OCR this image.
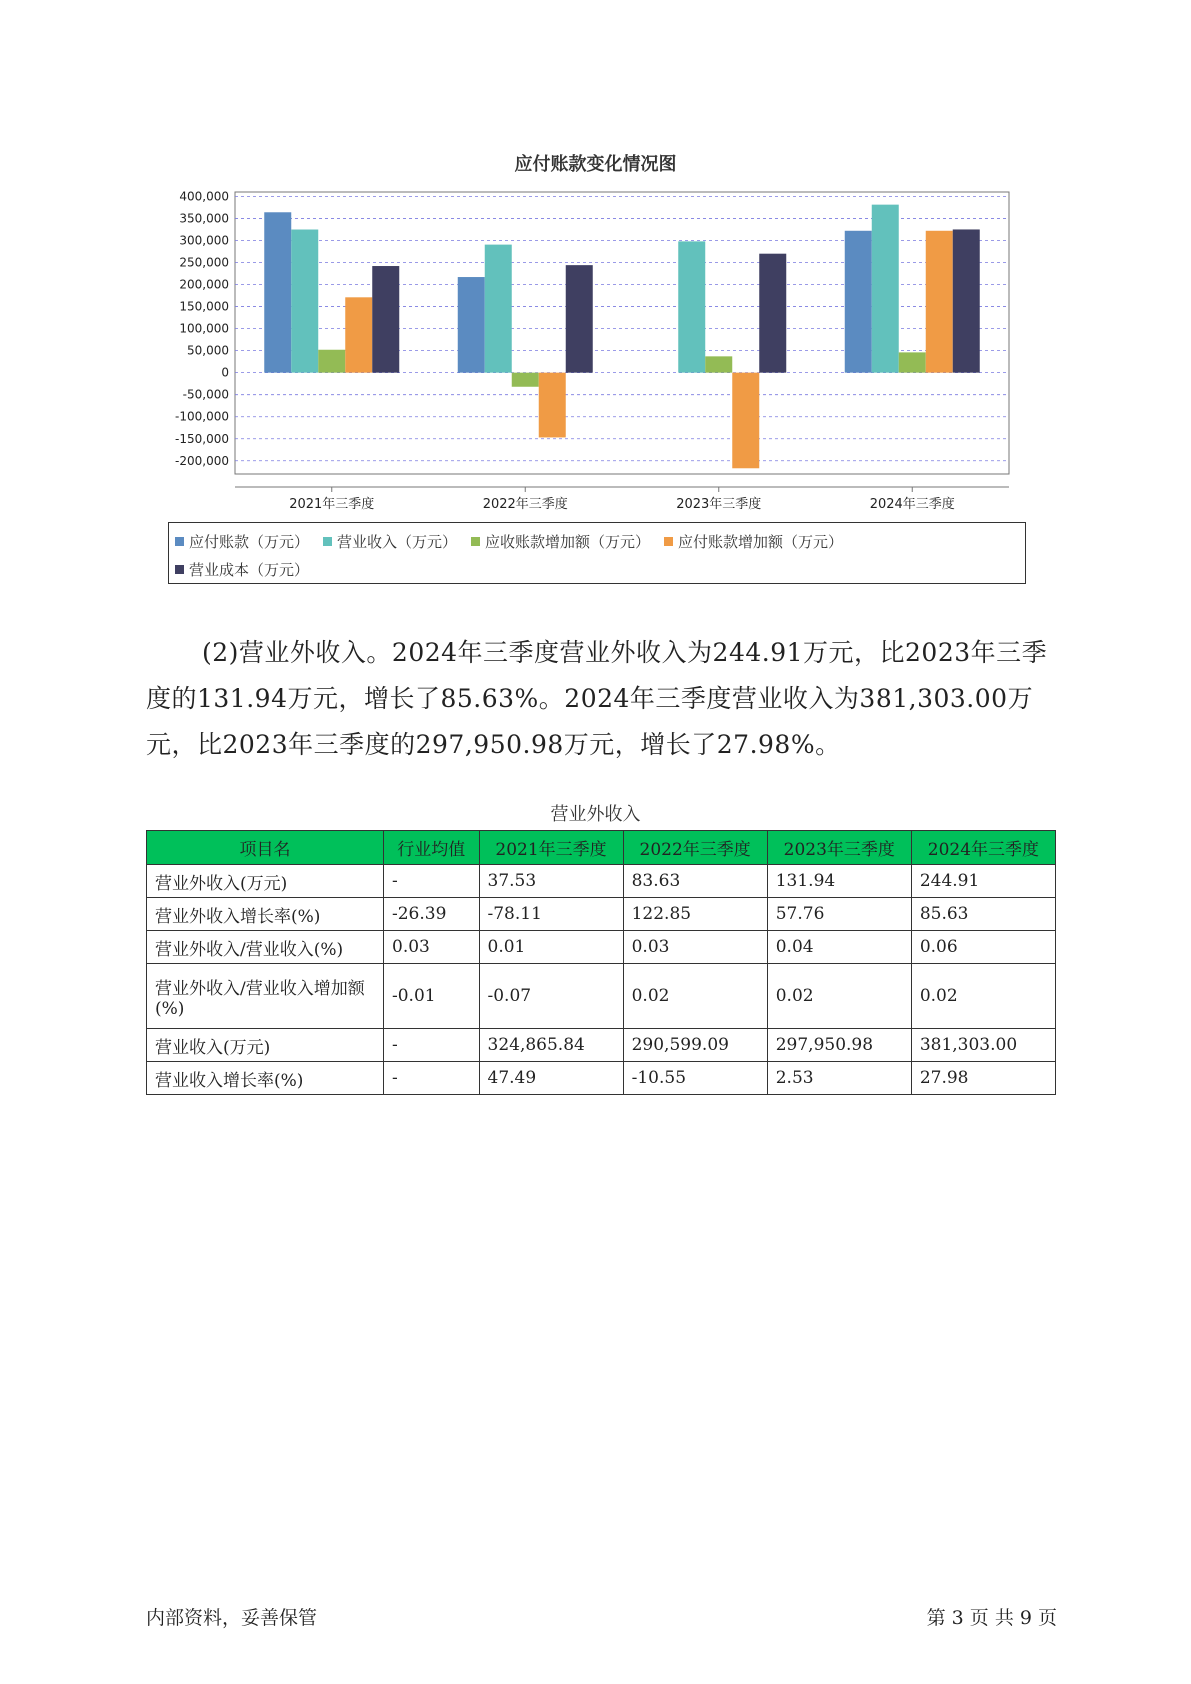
应付账款变化情况图
400,000
350,000
300,000
250,000
200,000
150,000
100,000
50,000
0
-50,000
-100,000
-150,000
-200,000
2021年三季度	2022年三季度	2023年三季度	2024年三季度
应付账款（万元） 营业收入（万元） 应收账款增加额（万元） 应付账款增加额（万元）
营业成本（万元）
(2)营业外收入。2024年三季度营业外收入为244.91万元，比2023年三季度的131.94万元，增长了85.63%。2024年三季度营业收入为381,303.00万元，比2023年三季度的297,950.98万元，增长了27.98%。
营业外收入
项目名	行业均值	2021年三季度	2022年三季度	2023年三季度	2024年三季度
营业外收入(万元)	-	37.53	83.63	131.94	244.91
营业外收入增长率(%)	-26.39	-78.11	122.85	57.76	85.63
营业外收入/营业收入(%)	0.03	0.01	0.03	0.04	0.06
营业外收入/营业收入增加额(%)	-0.01	-0.07	0.02	0.02	0.02
营业收入(万元)	-	324,865.84	290,599.09	297,950.98	381,303.00
营业收入增长率(%)	-	47.49	-10.55	2.53	27.98
内部资料，妥善保管	第 3 页 共 9 页
